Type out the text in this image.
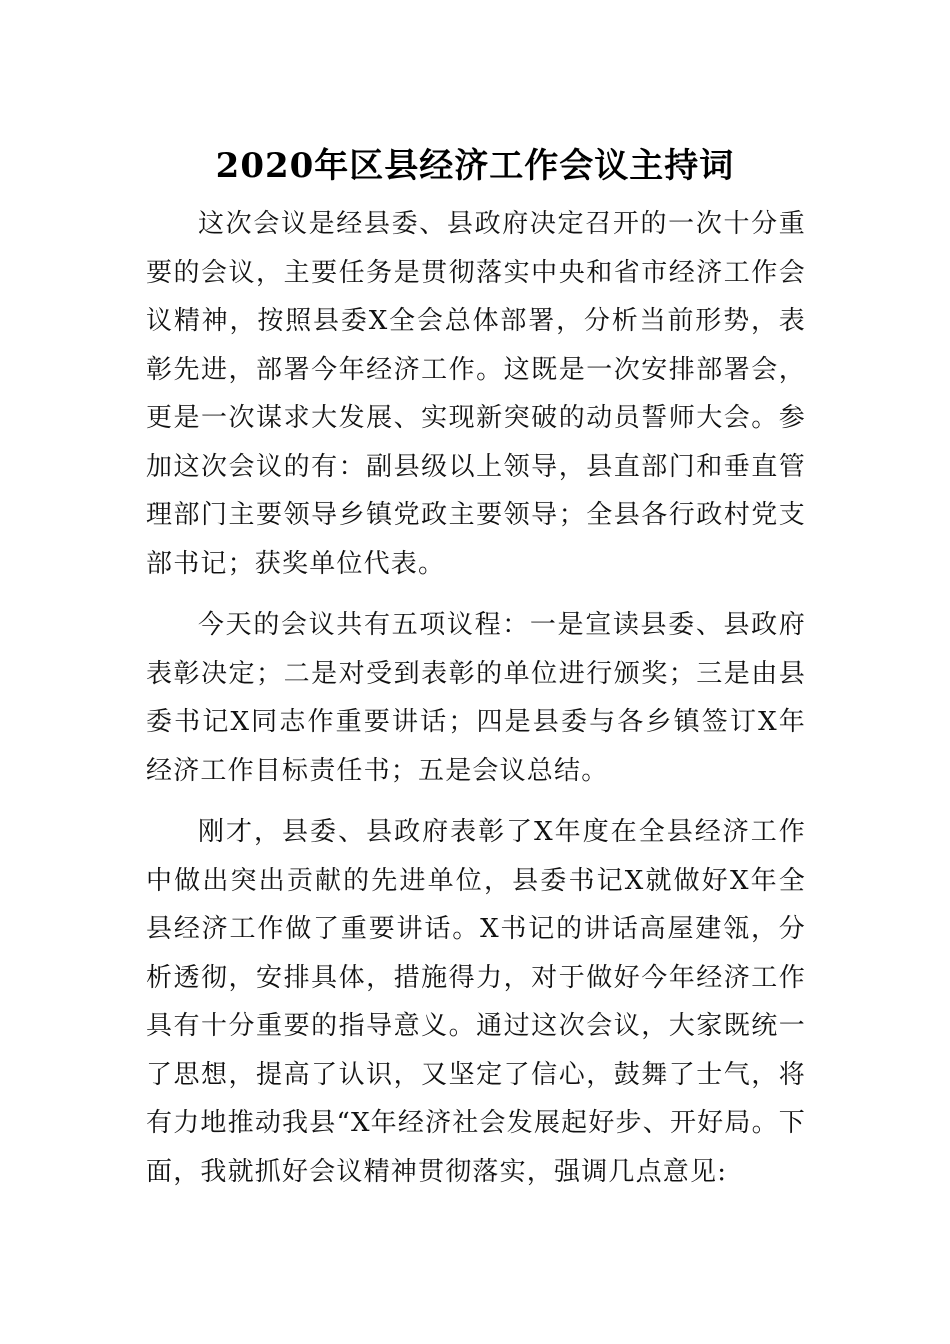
2020年区县经济工作会议主持词

这次会议是经县委、县政府决定召开的一次十分重要的会议，主要任务是贯彻落实中央和省市经济工作会议精神，按照县委X全会总体部署，分析当前形势，表彰先进，部署今年经济工作。这既是一次安排部署会，更是一次谋求大发展、实现新突破的动员誓师大会。参加这次会议的有：副县级以上领导，县直部门和垂直管理部门主要领导乡镇党政主要领导；全县各行政村党支部书记；获奖单位代表。

今天的会议共有五项议程：一是宣读县委、县政府表彰决定；二是对受到表彰的单位进行颁奖；三是由县委书记X同志作重要讲话；四是县委与各乡镇签订X年经济工作目标责任书；五是会议总结。

刚才，县委、县政府表彰了X年度在全县经济工作中做出突出贡献的先进单位，县委书记X就做好X年全县经济工作做了重要讲话。X书记的讲话高屋建瓴，分析透彻，安排具体，措施得力，对于做好今年经济工作具有十分重要的指导意义。通过这次会议，大家既统一了思想，提高了认识，又坚定了信心，鼓舞了士气，将有力地推动我县“X年经济社会发展起好步、开好局。下面，我就抓好会议精神贯彻落实，强调几点意见:
